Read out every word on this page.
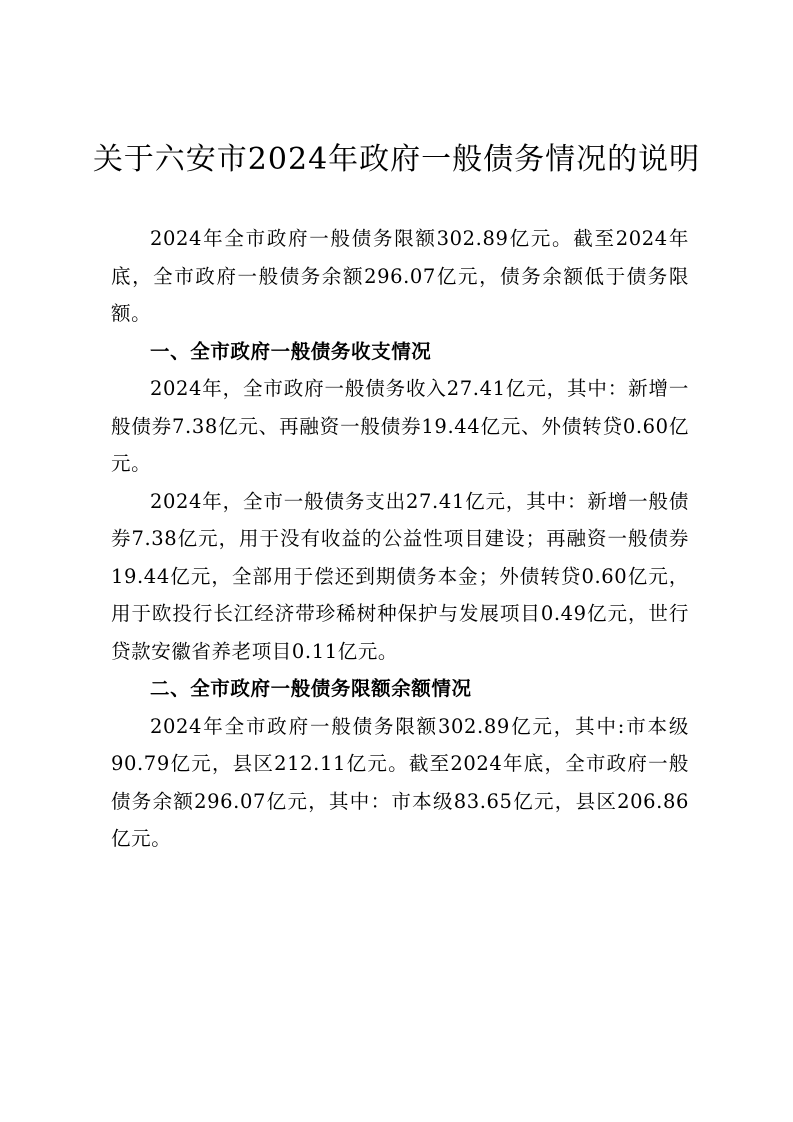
关于六安市2024年政府一般债务情况的说明

2024年全市政府一般债务限额302.89亿元。截至2024年底，全市政府一般债务余额296.07亿元，债务余额低于债务限额。

一、全市政府一般债务收支情况

2024年，全市政府一般债务收入27.41亿元，其中：新增一般债券7.38亿元、再融资一般债券19.44亿元、外债转贷0.60亿元。

2024年，全市一般债务支出27.41亿元，其中：新增一般债券7.38亿元，用于没有收益的公益性项目建设；再融资一般债券19.44亿元，全部用于偿还到期债务本金；外债转贷0.60亿元，用于欧投行长江经济带珍稀树种保护与发展项目0.49亿元，世行贷款安徽省养老项目0.11亿元。

二、全市政府一般债务限额余额情况

2024年全市政府一般债务限额302.89亿元，其中:市本级90.79亿元，县区212.11亿元。截至2024年底，全市政府一般债务余额296.07亿元，其中：市本级83.65亿元，县区206.86亿元。
